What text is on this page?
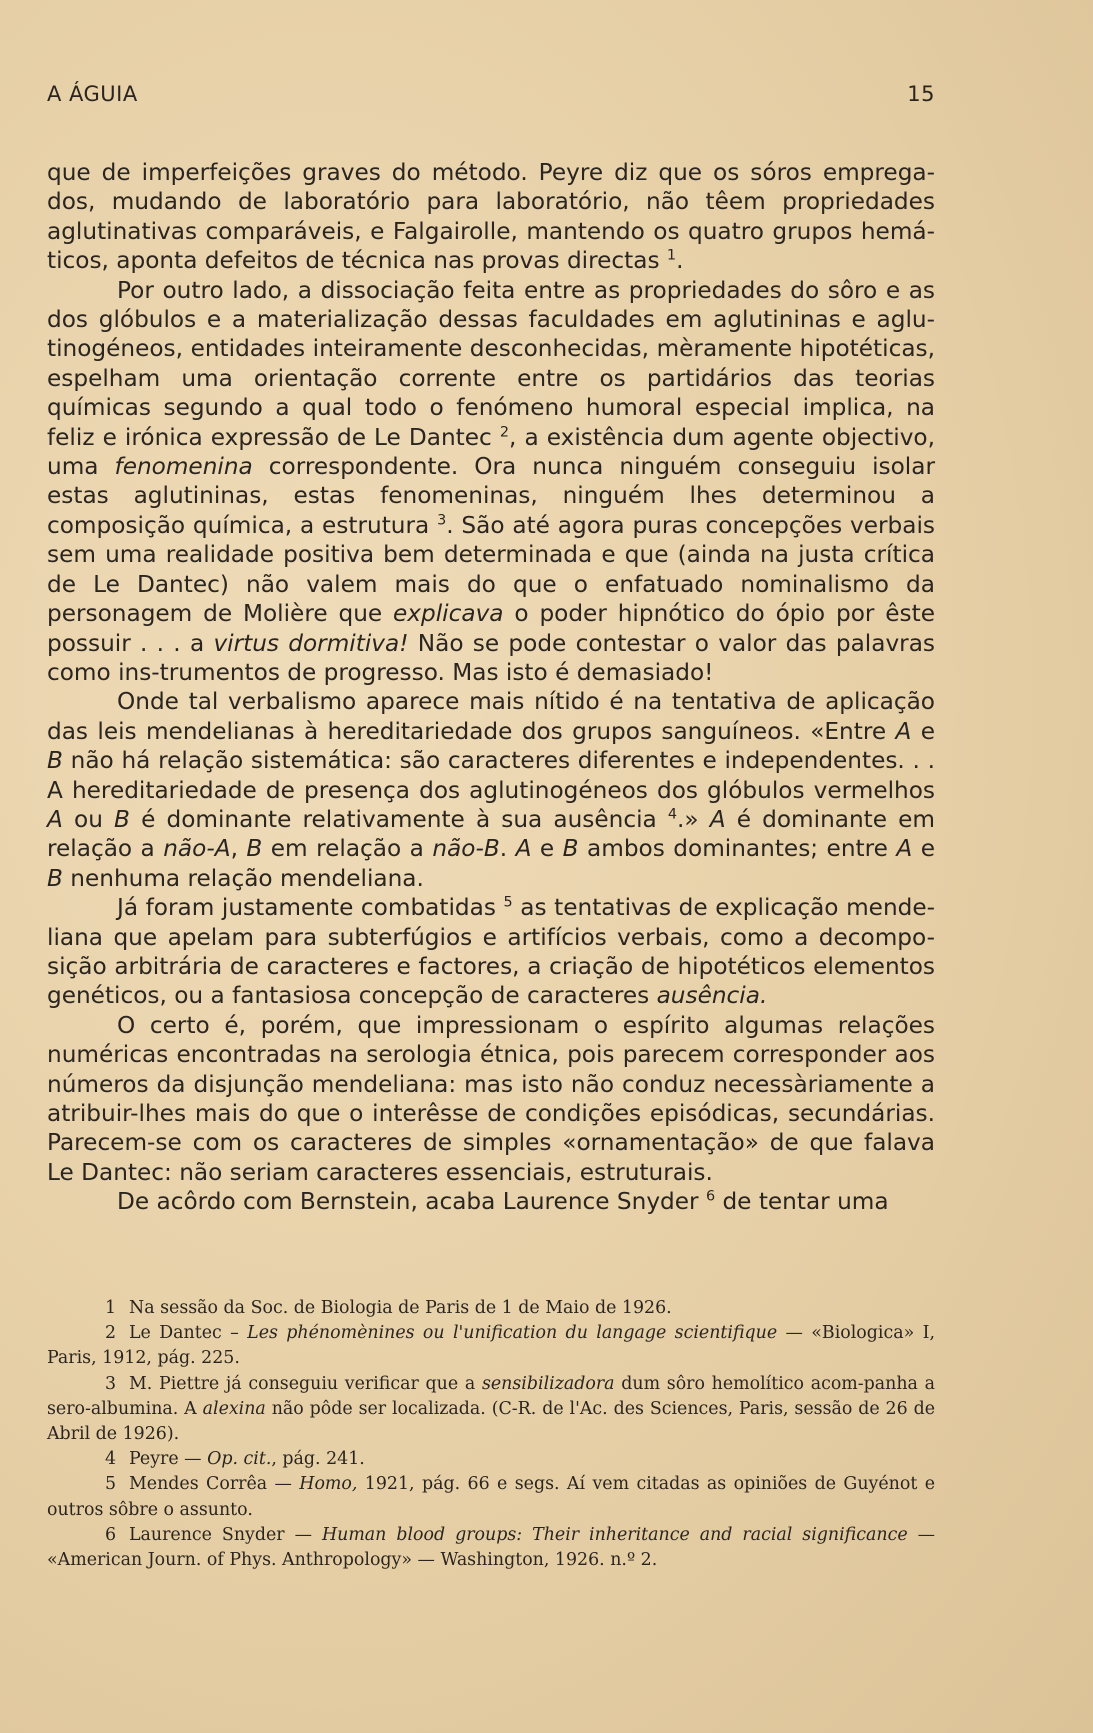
A ÁGUIA	15

que de imperfeições graves do método. Peyre diz que os sóros emprega-dos, mudando de laboratório para laboratório, não têem propriedades aglutinativas comparáveis, e Falgairolle, mantendo os quatro grupos hemá-ticos, aponta defeitos de técnica nas provas directas $^1$.

Por outro lado, a dissociação feita entre as propriedades do sôro e as dos glóbulos e a materialização dessas faculdades em aglutininas e aglu-tinogéneos, entidades inteiramente desconhecidas, mèramente hipotéticas, espelham uma orientação corrente entre os partidários das teorias químicas segundo a qual todo o fenómeno humoral especial implica, na feliz e irónica expressão de Le Dantec $^2$, a existência dum agente objectivo, uma fenomenina correspondente. Ora nunca ninguém conseguiu isolar estas aglutininas, estas fenomeninas, ninguém lhes determinou a composição química, a estrutura $^3$. São até agora puras concepções verbais sem uma realidade positiva bem determinada e que (ainda na justa crítica de Le Dantec) não valem mais do que o enfatuado nominalismo da personagem de Molière que explicava o poder hipnótico do ópio por êste possuir . . . a virtus dormitiva! Não se pode contestar o valor das palavras como ins-trumentos de progresso. Mas isto é demasiado!

Onde tal verbalismo aparece mais nítido é na tentativa de aplicação das leis mendelianas à hereditariedade dos grupos sanguíneos. «Entre A e B não há relação sistemática: são caracteres diferentes e independentes. . . A hereditariedade de presença dos aglutinogéneos dos glóbulos vermelhos A ou B é dominante relativamente à sua ausência $^4$.» A é dominante em relação a não-A, B em relação a não-B. A e B ambos dominantes; entre A e B nenhuma relação mendeliana.

Já foram justamente combatidas $^5$ as tentativas de explicação mende-liana que apelam para subterfúgios e artifícios verbais, como a decompo-sição arbitrária de caracteres e factores, a criação de hipotéticos elementos genéticos, ou a fantasiosa concepção de caracteres ausência.

O certo é, porém, que impressionam o espírito algumas relações numéricas encontradas na serologia étnica, pois parecem corresponder aos números da disjunção mendeliana: mas isto não conduz necessàriamente a atribuir-lhes mais do que o interêsse de condições episódicas, secundárias. Parecem-se com os caracteres de simples «ornamentação» de que falava Le Dantec: não seriam caracteres essenciais, estruturais.

De acôrdo com Bernstein, acaba Laurence Snyder $^6$ de tentar uma

1 Na sessão da Soc. de Biologia de Paris de 1 de Maio de 1926.

2 Le Dantec – Les phénomènines ou l'unification du langage scientifique — «Biologica» I, Paris, 1912, pág. 225.

3 M. Piettre já conseguiu verificar que a sensibilizadora dum sôro hemolítico acom-panha a sero-albumina. A alexina não pôde ser localizada. (C-R. de l'Ac. des Sciences, Paris, sessão de 26 de Abril de 1926).

4 Peyre — Op. cit., pág. 241.

5 Mendes Corrêa — Homo, 1921, pág. 66 e segs. Aí vem citadas as opiniões de Guyénot e outros sôbre o assunto.

6 Laurence Snyder — Human blood groups: Their inheritance and racial significance — «American Journ. of Phys. Anthropology» — Washington, 1926. n.º 2.
